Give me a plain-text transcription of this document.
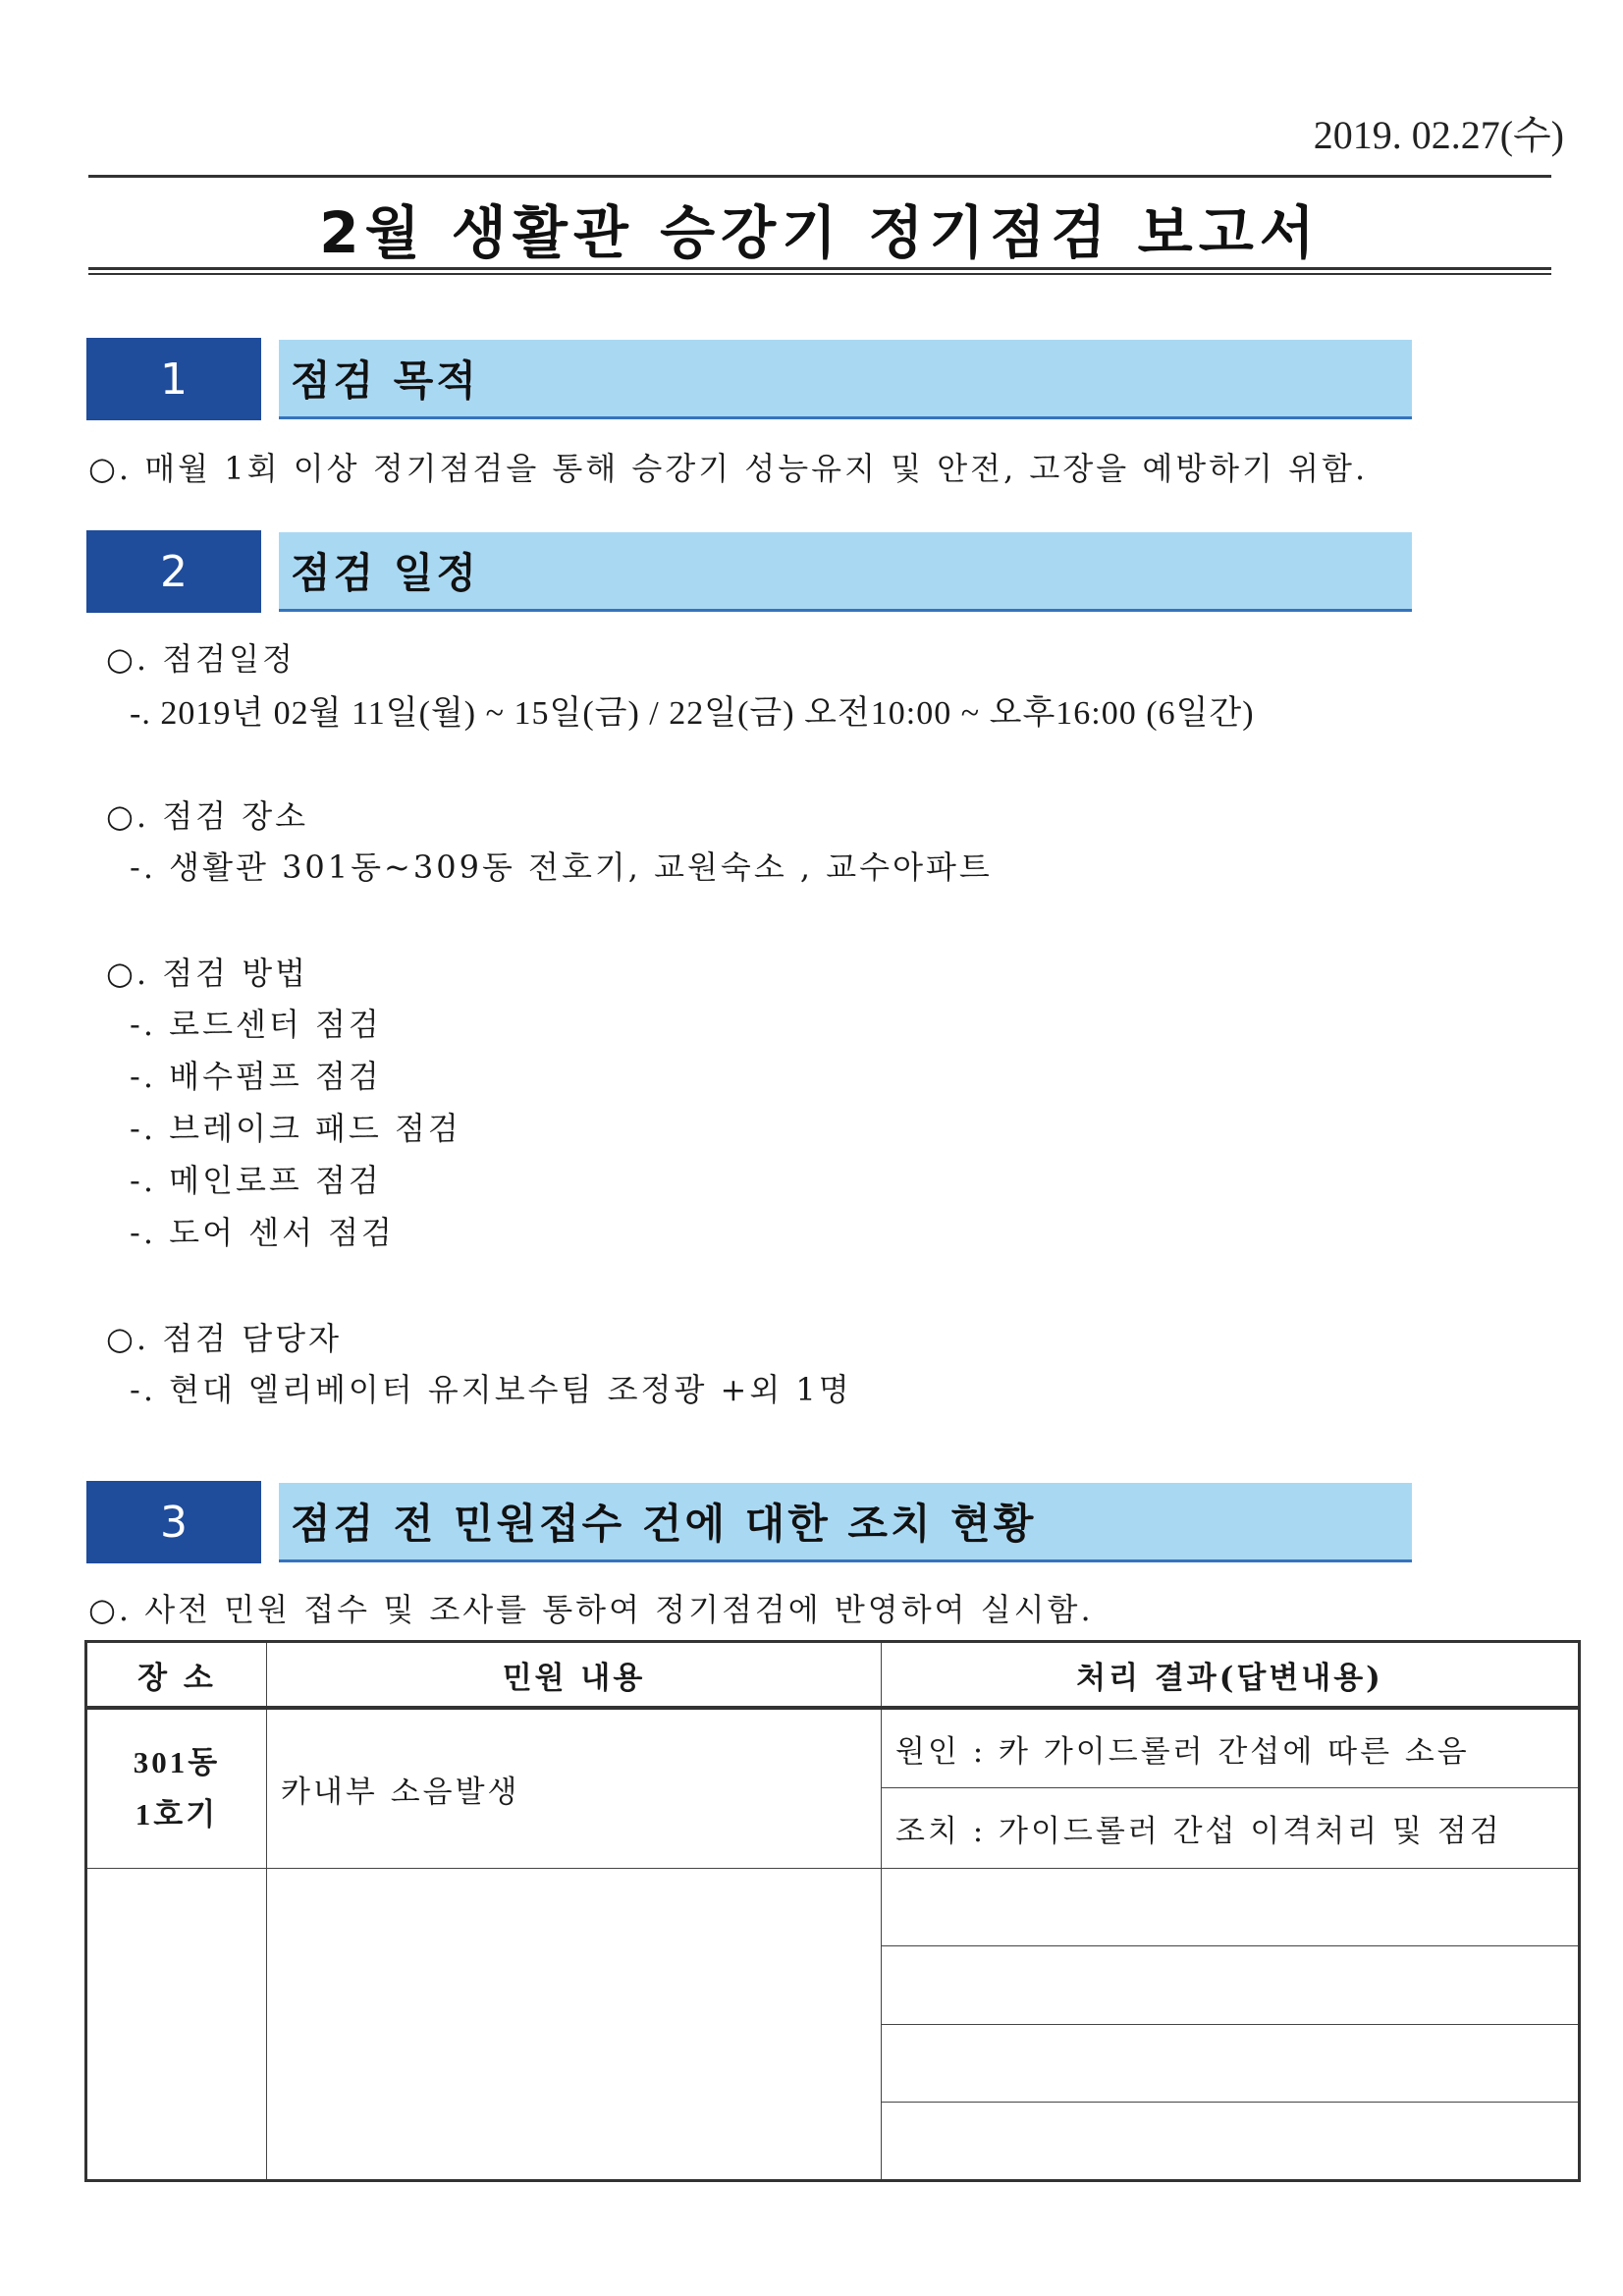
2019. 02.27(수)
2월 생활관 승강기 정기점검 보고서
1	점검 목적
○. 매월 1회 이상 정기점검을 통해 승강기 성능유지 및 안전, 고장을 예방하기 위함.
2	점검 일정
○. 점검일정
-. 2019년 02월 11일(월) ~ 15일(금) / 22일(금) 오전10:00 ~ 오후16:00 (6일간)
○. 점검 장소
-. 생활관 301동~309동 전호기, 교원숙소 , 교수아파트
○. 점검 방법
-. 로드센터 점검
-. 배수펌프 점검
-. 브레이크 패드 점검
-. 메인로프 점검
-. 도어 센서 점검
○. 점검 담당자
-. 현대 엘리베이터 유지보수팀 조정광 +외 1명
3	점검 전 민원접수 건에 대한 조치 현황
○. 사전 민원 접수 및 조사를 통하여 정기점검에 반영하여 실시함.
장 소	민원 내용	처리 결과(답변내용)

301동
1호기	카내부 소음발생	원인 : 카 가이드롤러 간섭에 따른 소음
		조치 : 가이드롤러 간섭 이격처리 및 점검
